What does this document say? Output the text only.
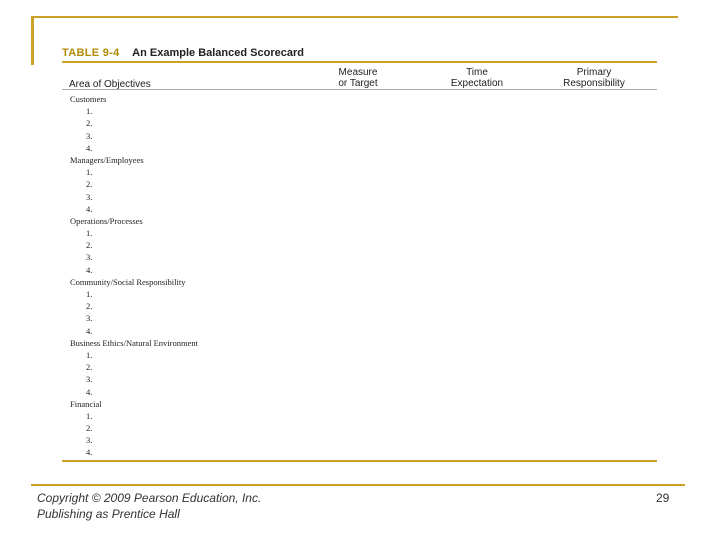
TABLE 9-4 An Example Balanced Scorecard
Area of Objectives
Measure
or Target
Time
Expectation
Primary
Responsibility
Customers
1.
2.
3.
4.
Managers/Employees
1.
2.
3.
4.
Operations/Processes
1.
2.
3.
4.
Community/Social Responsibility
1.
2.
3.
4.
Business Ethics/Natural Environment
1.
2.
3.
4.
Financial
1.
2.
3.
4.
Copyright © 2009 Pearson Education, Inc.
Publishing as Prentice Hall
29
